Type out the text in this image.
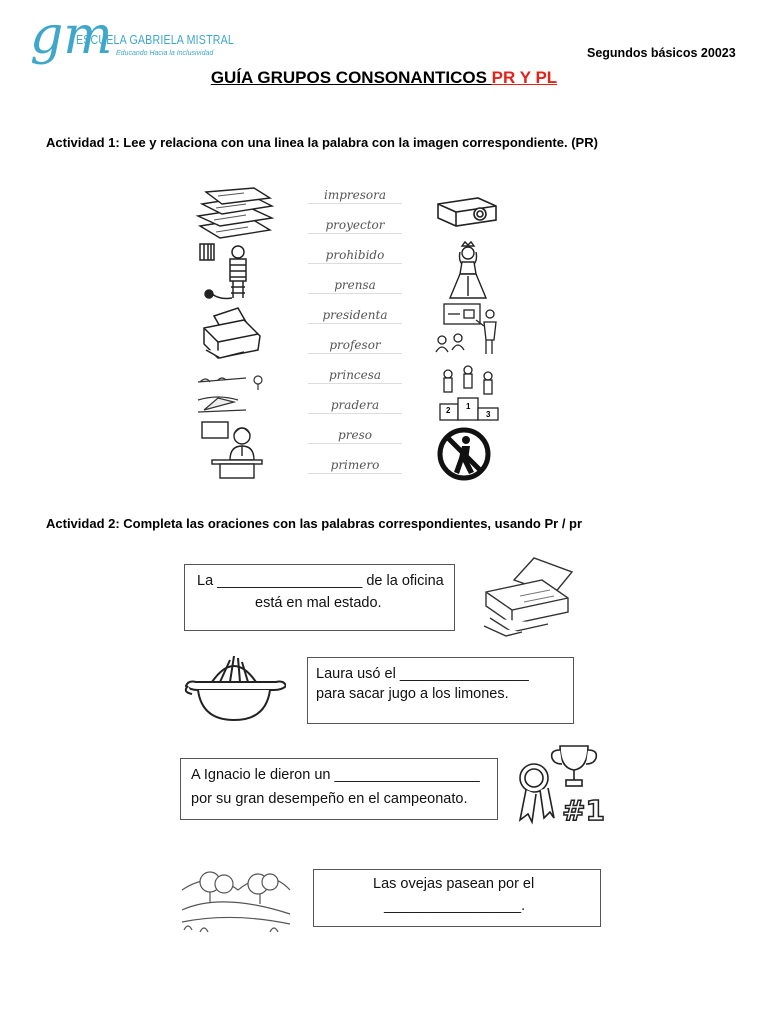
gm
ESCUELA GABRIELA MISTRAL
Educando Hacia la Inclusividad	Segundos básicos 20023
GUÍA GRUPOS CONSONANTICOS PR Y PL
Actividad 1: Lee y relaciona con una linea la palabra con la imagen correspondiente. (PR)
impresora
proyector
prohibido
prensa
presidenta
profesor
princesa
pradera
preso
primero
2 1
3
Actividad 2: Completa las oraciones con las palabras correspondientes, usando Pr / pr
La __________________ de la oficina
está en mal estado.
Laura usó el ________________
para sacar jugo a los limones.
A Ignacio le dieron un __________________
por su gran desempeño en el campeonato.	#1
Las ovejas pasean por el
_________________.
